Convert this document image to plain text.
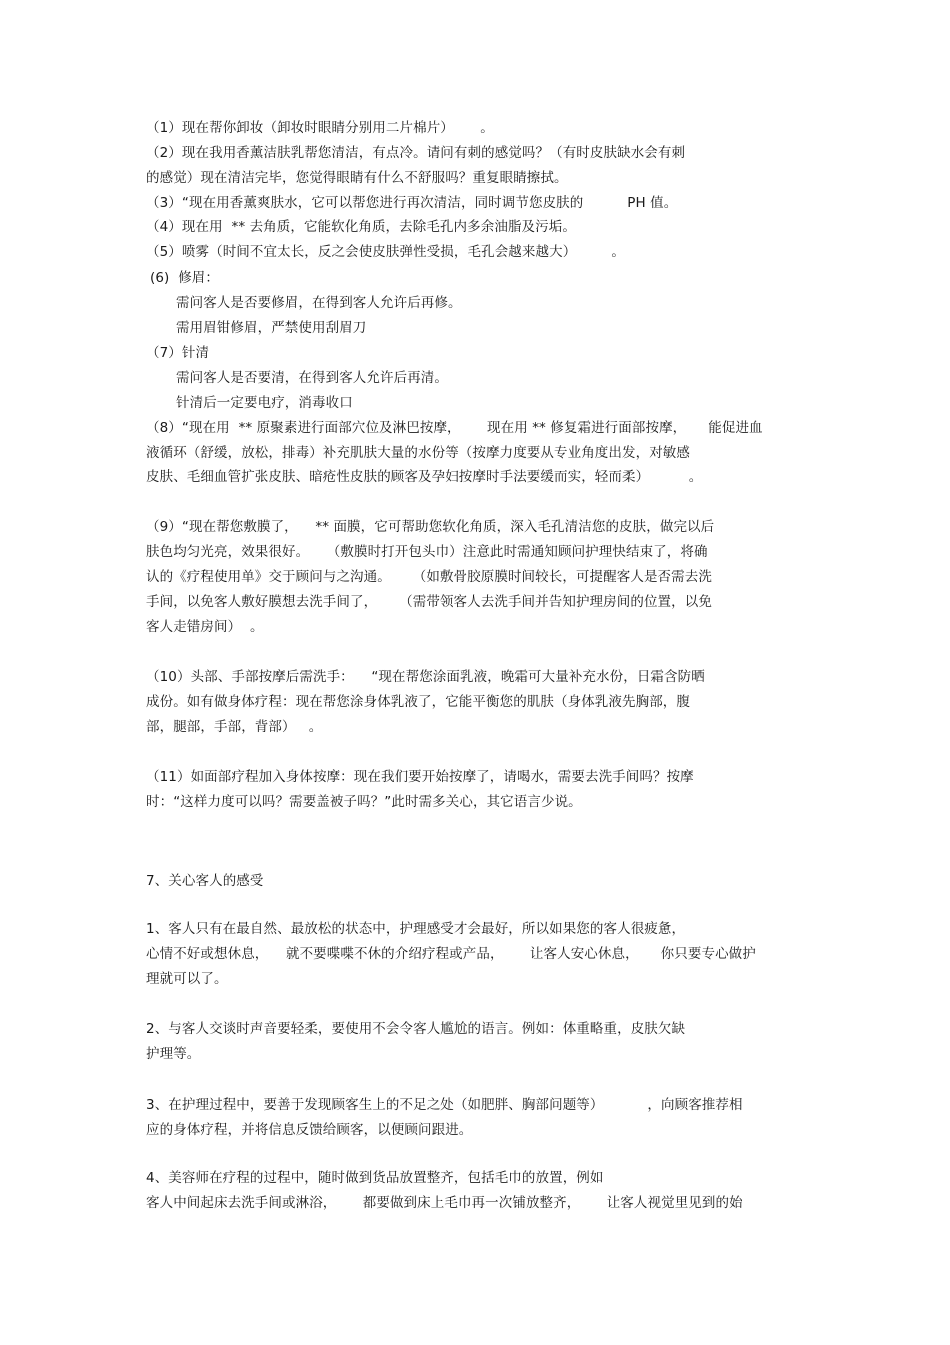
（1）现在帮你卸妆（卸妆时眼睛分别用二片棉片）      。
（2）现在我用香薰洁肤乳帮您清洁，有点冷。请问有刺的感觉吗？（有时皮肤缺水会有刺
的感觉）现在清洁完毕，您觉得眼睛有什么不舒服吗？重复眼睛擦拭。
（3）“现在用香薰爽肤水，它可以帮您进行再次清洁，同时调节您皮肤的          PH 值。
（4）现在用  ** 去角质，它能软化角质，去除毛孔内多余油脂及污垢。
（5）喷雾（时间不宜太长，反之会使皮肤弹性受损，毛孔会越来越大）        。
(6)  修眉：
需问客人是否要修眉，在得到客人允许后再修。
需用眉钳修眉，严禁使用刮眉刀
（7）针清
需问客人是否要清，在得到客人允许后再清。
针清后一定要电疗，消毒收口
（8）“现在用  ** 原聚素进行面部穴位及淋巴按摩，      现在用 ** 修复霜进行面部按摩，     能促进血
液循环（舒缓，放松，排毒）补充肌肤大量的水份等（按摩力度要从专业角度出发，对敏感
皮肤、毛细血管扩张皮肤、暗疮性皮肤的顾客及孕妇按摩时手法要缓而实，轻而柔）         。
（9）“现在帮您敷膜了，    ** 面膜，它可帮助您软化角质，深入毛孔清洁您的皮肤，做完以后
肤色均匀光亮，效果很好。    （敷膜时打开包头巾）注意此时需通知顾问护理快结束了，将确
认的《疗程使用单》交于顾问与之沟通。     （如敷骨胶原膜时间较长，可提醒客人是否需去洗
手间，以免客人敷好膜想去洗手间了，     （需带领客人去洗手间并告知护理房间的位置，以免
客人走错房间）  。
（10）头部、手部按摩后需洗手：    “现在帮您涂面乳液，晚霜可大量补充水份，日霜含防晒
成份。如有做身体疗程：现在帮您涂身体乳液了，它能平衡您的肌肤（身体乳液先胸部，腹
部，腿部，手部，背部）   。
（11）如面部疗程加入身体按摩：现在我们要开始按摩了，请喝水，需要去洗手间吗？按摩
时：“这样力度可以吗？需要盖被子吗？”此时需多关心，其它语言少说。
7、关心客人的感受
1、客人只有在最自然、最放松的状态中，护理感受才会最好，所以如果您的客人很疲惫，
心情不好或想休息，    就不要喋喋不休的介绍疗程或产品，      让客人安心休息，     你只要专心做护
理就可以了。
2、与客人交谈时声音要轻柔，要使用不会令客人尴尬的语言。例如：体重略重，皮肤欠缺
护理等。
3、在护理过程中，要善于发现顾客生上的不足之处（如肥胖、胸部问题等）          ，向顾客推荐相
应的身体疗程，并将信息反馈给顾客，以便顾问跟进。
4、美容师在疗程的过程中，随时做到货品放置整齐，包括毛巾的放置，例如
客人中间起床去洗手间或淋浴，      都要做到床上毛巾再一次铺放整齐，      让客人视觉里见到的始
